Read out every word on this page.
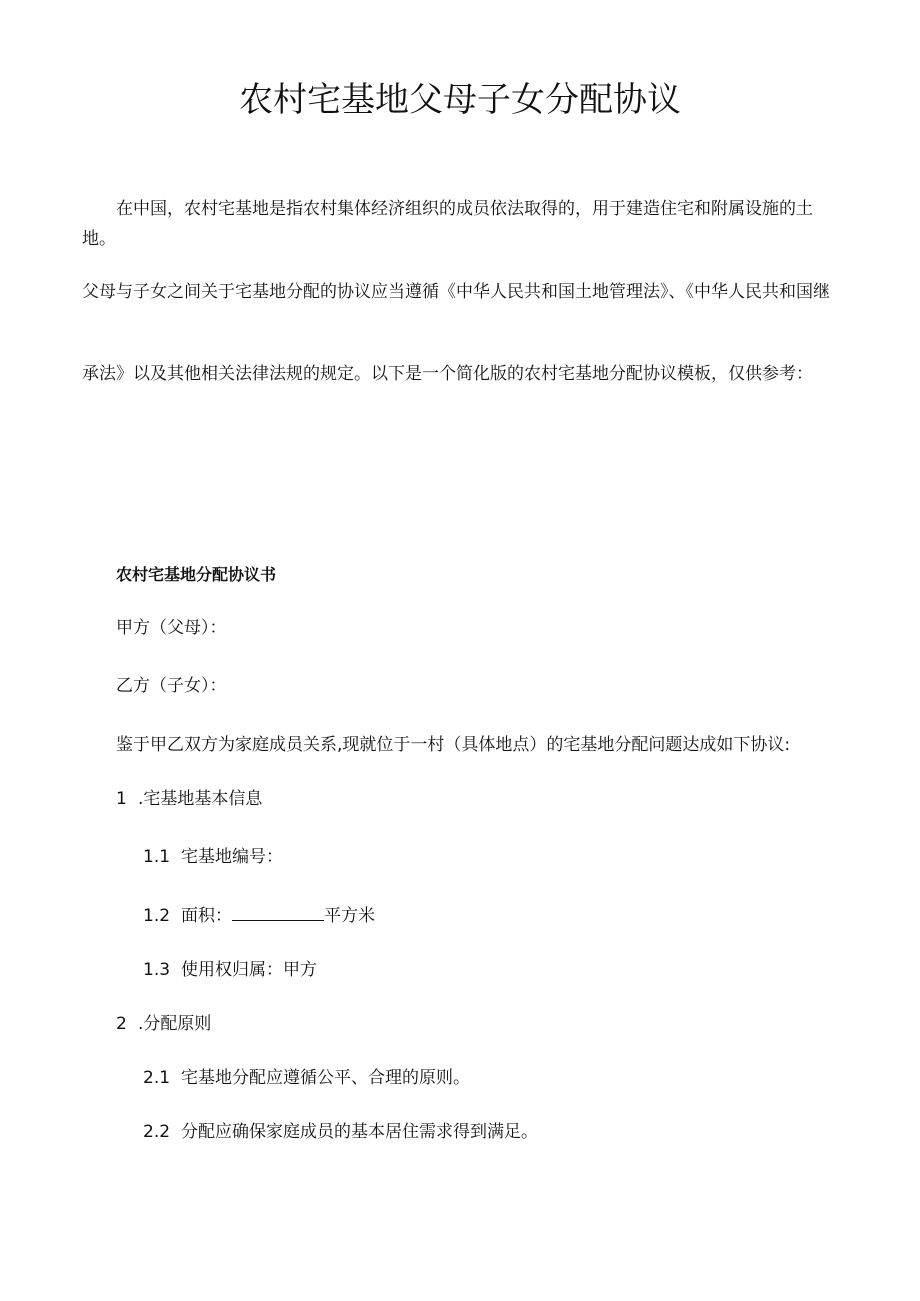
农村宅基地父母子女分配协议

在中国，农村宅基地是指农村集体经济组织的成员依法取得的，用于建造住宅和附属设施的土地。

父母与子女之间关于宅基地分配的协议应当遵循《中华人民共和国土地管理法》、《中华人民共和国继

承法》以及其他相关法律法规的规定。以下是一个简化版的农村宅基地分配协议模板，仅供参考：

农村宅基地分配协议书

甲方（父母）：

乙方（子女）：

鉴于甲乙双方为家庭成员关系,现就位于一村（具体地点）的宅基地分配问题达成如下协议:

1 .宅基地基本信息

1.1 宅基地编号：

1.2 面积：	平方米

1.3 使用权归属：甲方

2 .分配原则

2.1 宅基地分配应遵循公平、合理的原则。

2.2 分配应确保家庭成员的基本居住需求得到满足。
